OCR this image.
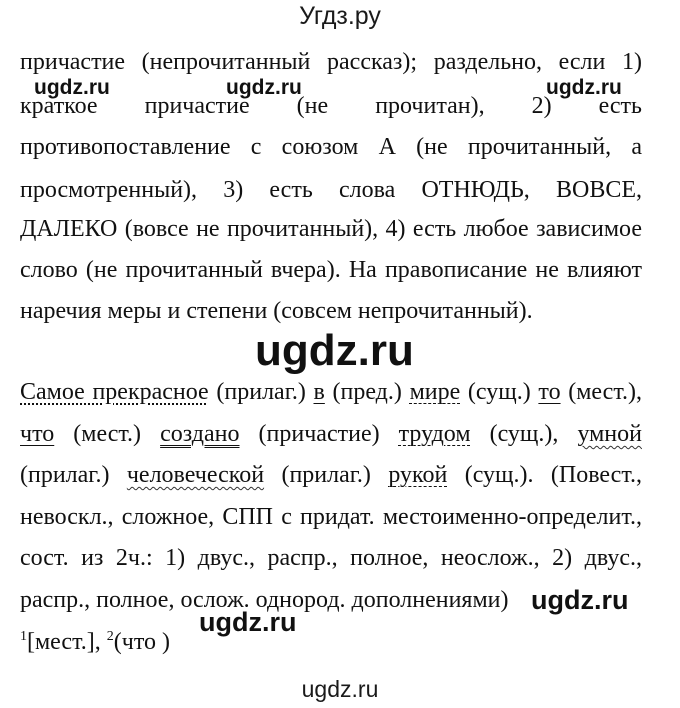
Угдз.ру
ugdz.ru	ugdz.ru	ugdz.ru
ugdz.ru
ugdz.ru
ugdz.ru
причастие (непрочитанный рассказ); раздельно, если 1)
краткое причастие (не прочитан), 2) есть
противопоставление с союзом А (не прочитанный, а
просмотренный), 3) есть слова ОТНЮДЬ, ВОВСЕ,
ДАЛЕКО (вовсе не прочитанный), 4) есть любое зависимое
слово (не прочитанный вчера). На правописание не влияют
наречия меры и степени (совсем непрочитанный).
Самое прекрасное (прилаг.) в (пред.) мире (сущ.) то (мест.),
что (мест.) создано (причастие) трудом (сущ.), умной
(прилаг.) человеческой (прилаг.) рукой (сущ.). (Повест.,
невоскл., сложное, СПП с придат. местоименно-определит.,
сост. из 2ч.: 1) двус., распр., полное, неослож., 2) двус.,
распр., полное, ослож. однород. дополнениями)
$^1$[мест.], $^2$(что )
ugdz.ru
